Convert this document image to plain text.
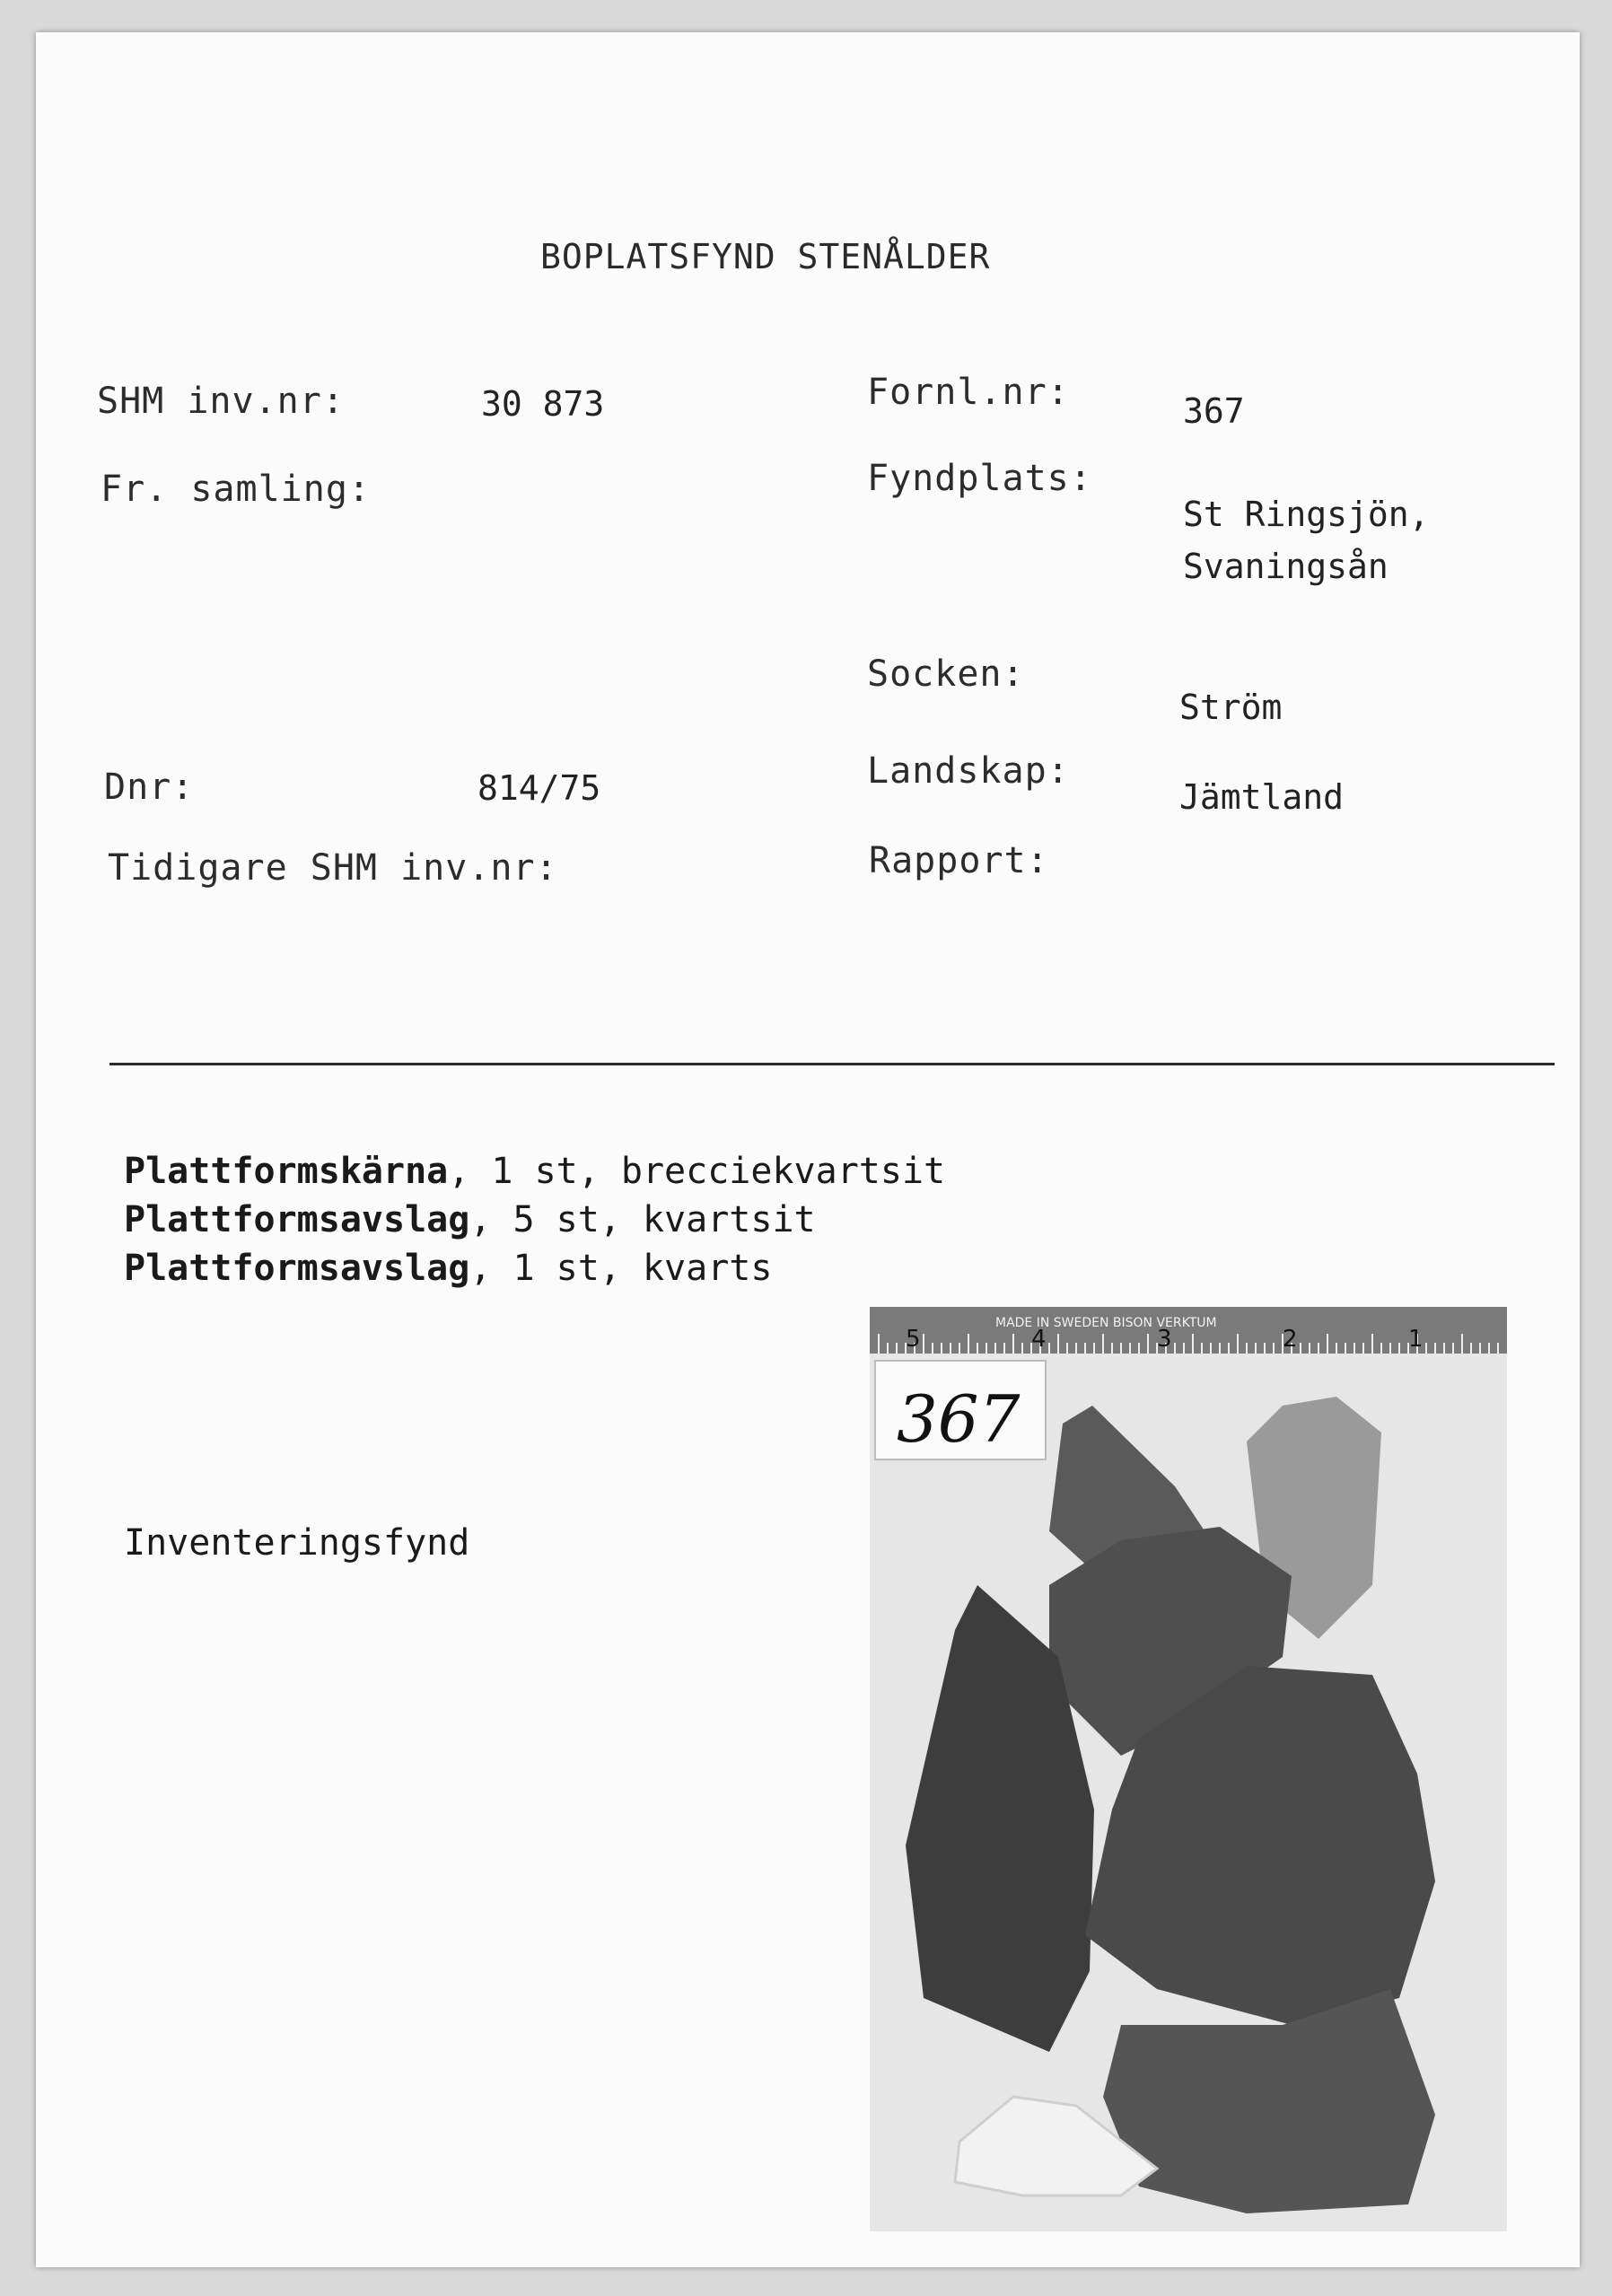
BOPLATSFYND STENÅLDER
SHM inv.nr:	30 873
Fr. samling:
Dnr:	814/75
Tidigare SHM inv.nr:
Fornl.nr:	367
Fyndplats:
St Ringsjön,
Svaningsån
Socken:
Ström
Landskap:
Jämtland
Rapport:
Plattformskärna, 1 st, brecciekvartsit
Plattformsavslag, 5 st, kvartsit
Plattformsavslag, 1 st, kvarts
Inventeringsfynd
MADE IN SWEDEN BISON VERKTUM
5	4	3	2	1
367
